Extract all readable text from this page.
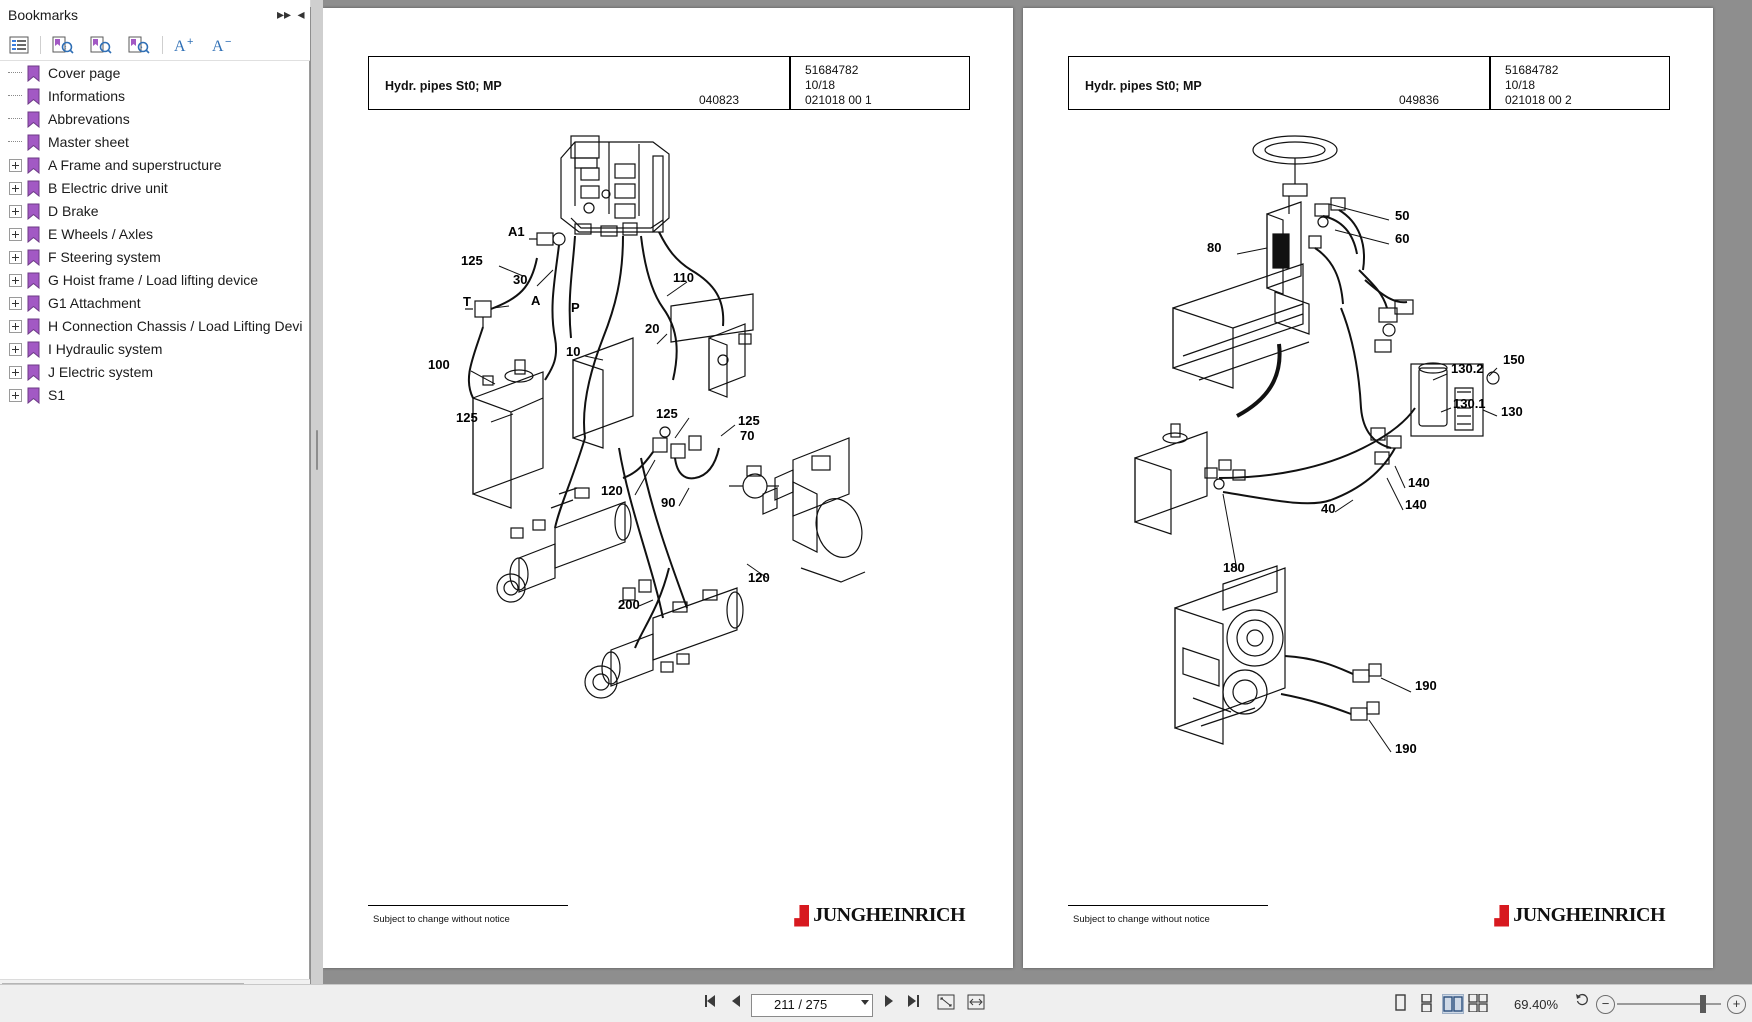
Bookmarks	▸▸ ◂
‹	› A + A −
Cover page
Informations
Abbrevations
Master sheet
A Frame and superstructure
B Electric drive unit
D Brake
E Wheels / Axles
F Steering system
G Hoist frame / Load lifting device
G1 Attachment
H Connection Chassis / Load Lifting Devi
I Hydraulic system
J Electric system
S1
Hydr. pipes St0; MP
040823
51684782
10/18
021018 00 1
A1
125
30
T	A P
110
20
10
100
125	125	125
70
120
90
120
200
Subject to change without notice	JUNGHEINRICH
Hydr. pipes St0; MP
049836
51684782
10/18
021018 00 2
50
60
80
130.2
150
130.1
130
140
140
40
180
190
190
Subject to change without notice	JUNGHEINRICH
211 / 275	69.40%	−	+
